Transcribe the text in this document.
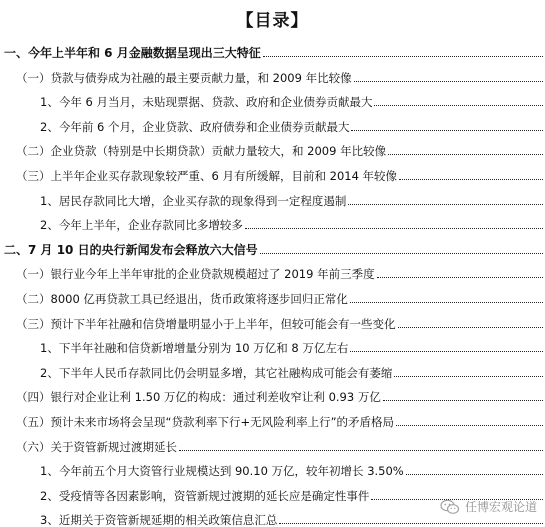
【目录】
一、今年上半年和 6 月金融数据呈现出三大特征
（一）贷款与债券成为社融的最主要贡献力量，和 2009 年比较像
1、今年 6 月当月，未贴现票据、贷款、政府和企业债券贡献最大
2、今年前 6 个月，企业贷款、政府债券和企业债券贡献最大
（二）企业贷款（特别是中长期贷款）贡献力量较大，和 2009 年比较像
（三）上半年企业买存款现象较严重、6 月有所缓解，目前和 2014 年较像
1、居民存款同比大增，企业买存款的现象得到一定程度遏制
2、今年上半年，企业存款同比多增较多
二、7 月 10 日的央行新闻发布会释放六大信号
（一）银行业今年上半年审批的企业贷款规模超过了 2019 年前三季度
（二）8000 亿再贷款工具已经退出，货币政策将逐步回归正常化
（三）预计下半年社融和信贷增量明显小于上半年，但较可能会有一些变化
1、下半年社融和信贷新增增量分别为 10 万亿和 8 万亿左右
2、下半年人民币存款同比仍会明显多增，其它社融构成可能会有萎缩
（四）银行对企业让利 1.50 万亿的构成：通过利差收窄让利 0.93 万亿
（五）预计未来市场将会呈现“贷款利率下行+无风险利率上行”的矛盾格局
（六）关于资管新规过渡期延长
1、今年前五个月大资管行业规模达到 90.10 万亿，较年初增长 3.50%
2、受疫情等各因素影响，资管新规过渡期的延长应是确定性事件
3、近期关于资管新规延期的相关政策信息汇总
任博宏观论道
